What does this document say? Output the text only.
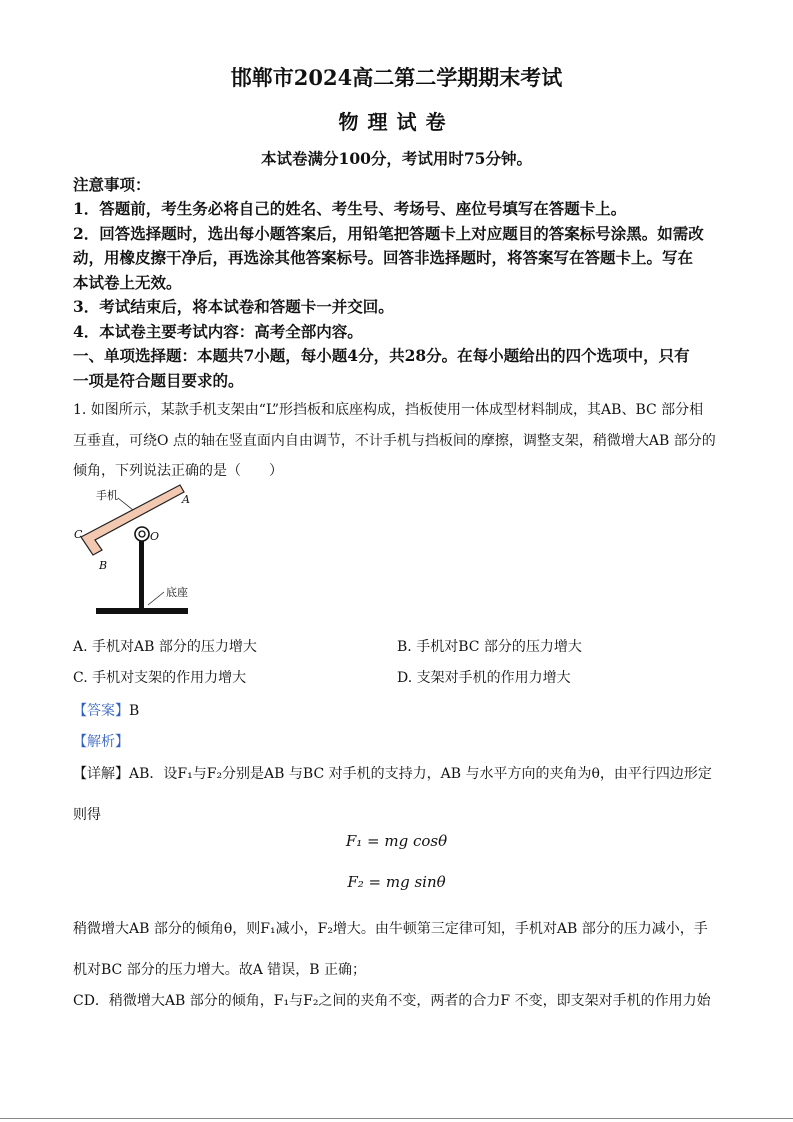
邯郸市2024高二第二学期期末考试
物理试卷
本试卷满分100分，考试用时75分钟。
注意事项：
1．答题前，考生务必将自己的姓名、考生号、考场号、座位号填写在答题卡上。
2．回答选择题时，选出每小题答案后，用铅笔把答题卡上对应题目的答案标号涂黑。如需改
动，用橡皮擦干净后，再选涂其他答案标号。回答非选择题时，将答案写在答题卡上。写在
本试卷上无效。
3．考试结束后，将本试卷和答题卡一并交回。
4．本试卷主要考试内容：高考全部内容。
一、单项选择题：本题共7小题，每小题4分，共28分。在每小题给出的四个选项中，只有
一项是符合题目要求的。
1. 如图所示，某款手机支架由“L”形挡板和底座构成，挡板使用一体成型材料制成，其AB、BC 部分相
互垂直，可绕O 点的轴在竖直面内自由调节，不计手机与挡板间的摩擦，调整支架，稍微增大AB 部分的
倾角，下列说法正确的是（　　）
手机	A
C	O
B
底座
A. 手机对AB 部分的压力增大	B. 手机对BC 部分的压力增大
C. 手机对支架的作用力增大	D. 支架对手机的作用力增大
【答案】B
【解析】
【详解】AB．设F₁与F₂分别是AB 与BC 对手机的支持力，AB 与水平方向的夹角为θ，由平行四边形定
则得
F₁ = mg cosθ
F₂ = mg sinθ
稍微增大AB 部分的倾角θ，则F₁减小，F₂增大。由牛顿第三定律可知，手机对AB 部分的压力减小，手
机对BC 部分的压力增大。故A 错误，B 正确；
CD．稍微增大AB 部分的倾角，F₁与F₂之间的夹角不变，两者的合力F 不变，即支架对手机的作用力始
